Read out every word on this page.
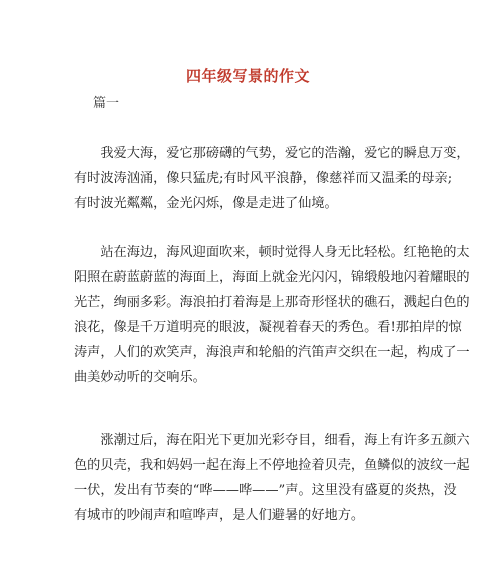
四年级写景的作文
篇一
　　我爱大海，爱它那磅礴的气势，爱它的浩瀚，爱它的瞬息万变，
有时波涛汹涌，像只猛虎;有时风平浪静，像慈祥而又温柔的母亲;
有时波光粼粼，金光闪烁，像是走进了仙境。
　　站在海边，海风迎面吹来，顿时觉得人身无比轻松。红艳艳的太
阳照在蔚蓝蔚蓝的海面上，海面上就金光闪闪，锦缎般地闪着耀眼的
光芒，绚丽多彩。海浪拍打着海是上那奇形怪状的礁石，溅起白色的
浪花，像是千万道明亮的眼波，凝视着春天的秀色。看!那拍岸的惊
涛声，人们的欢笑声，海浪声和轮船的汽笛声交织在一起，构成了一
曲美妙动听的交响乐。
　　涨潮过后，海在阳光下更加光彩夺目，细看，海上有许多五颜六
色的贝壳，我和妈妈一起在海上不停地捡着贝壳，鱼鳞似的波纹一起
一伏，发出有节奏的“哗——哗——”声。这里没有盛夏的炎热，没
有城市的吵闹声和喧哗声，是人们避暑的好地方。
